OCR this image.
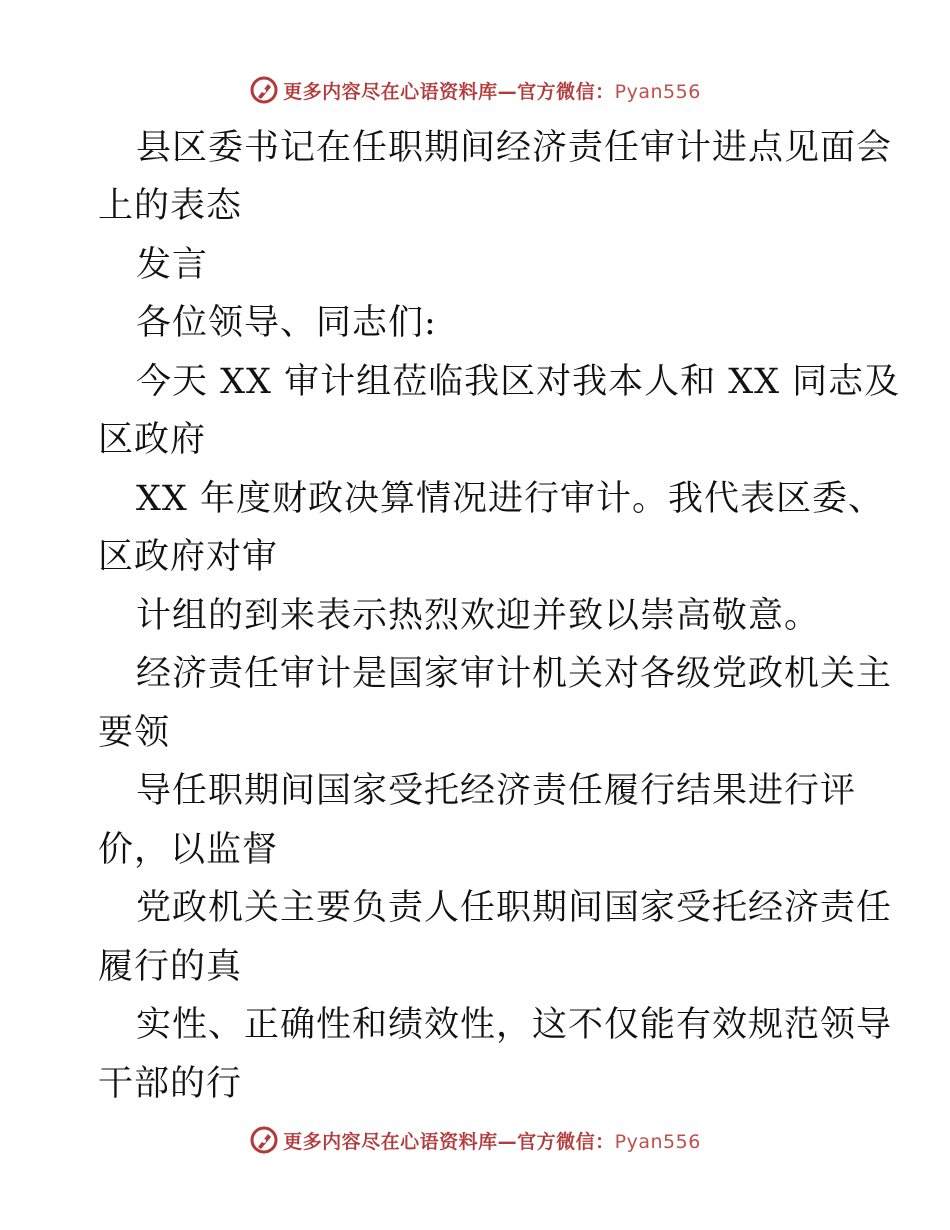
更多内容尽在心语资料库—官方微信：Pyan556
县区委书记在任职期间经济责任审计进点见面会
上的表态
发言
各位领导、同志们:
今天 XX 审计组莅临我区对我本人和 XX 同志及
区政府
XX 年度财政决算情况进行审计。我代表区委、
区政府对审
计组的到来表示热烈欢迎并致以崇高敬意。
经济责任审计是国家审计机关对各级党政机关主
要领
导任职期间国家受托经济责任履行结果进行评
价，以监督
党政机关主要负责人任职期间国家受托经济责任
履行的真
实性、正确性和绩效性，这不仅能有效规范领导
干部的行
更多内容尽在心语资料库—官方微信：Pyan556
